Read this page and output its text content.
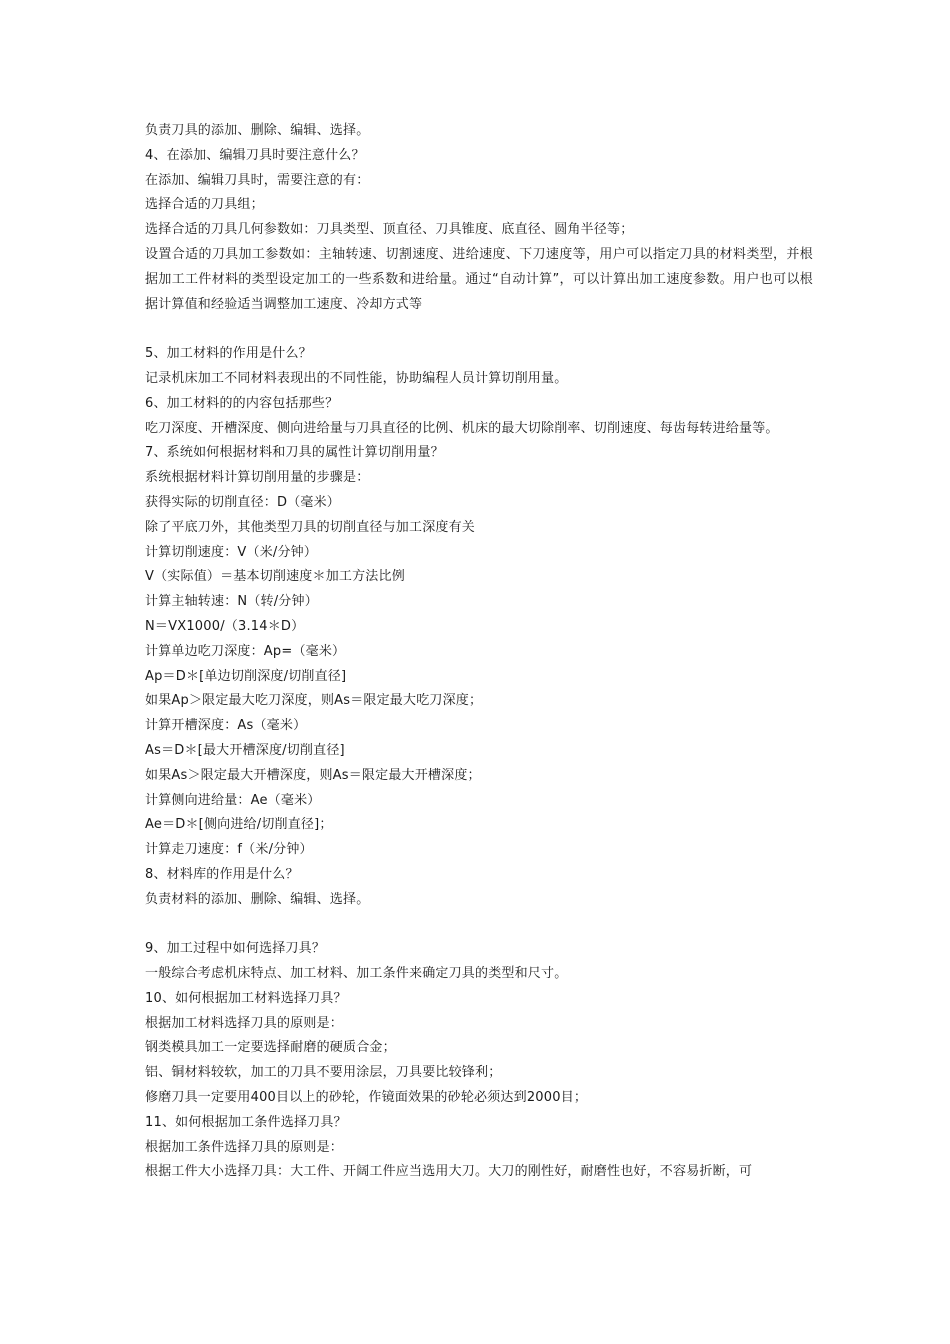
负责刀具的添加、删除、编辑、选择。
4、在添加、编辑刀具时要注意什么？
在添加、编辑刀具时，需要注意的有：
选择合适的刀具组；
选择合适的刀具几何参数如：刀具类型、顶直径、刀具锥度、底直径、圆角半径等；
设置合适的刀具加工参数如：主轴转速、切割速度、进给速度、下刀速度等，用户可以指定刀具的材料类型，并根据加工工件材料的类型设定加工的一些系数和进给量。通过“自动计算”，可以计算出加工速度参数。用户也可以根据计算值和经验适当调整加工速度、冷却方式等
5、加工材料的作用是什么？
记录机床加工不同材料表现出的不同性能，协助编程人员计算切削用量。
6、加工材料的的内容包括那些？
吃刀深度、开槽深度、侧向进给量与刀具直径的比例、机床的最大切除削率、切削速度、每齿每转进给量等。
7、系统如何根据材料和刀具的属性计算切削用量？
系统根据材料计算切削用量的步骤是：
获得实际的切削直径：D（毫米）
除了平底刀外，其他类型刀具的切削直径与加工深度有关
计算切削速度：V（米/分钟）
V（实际值）＝基本切削速度＊加工方法比例
计算主轴转速：N（转/分钟）
N＝VX1000/（3.14＊D）
计算单边吃刀深度：Ap=（毫米）
Ap＝D＊[单边切削深度/切削直径]
如果Ap＞限定最大吃刀深度，则As＝限定最大吃刀深度；
计算开槽深度：As（毫米）
As＝D＊[最大开槽深度/切削直径]
如果As＞限定最大开槽深度，则As＝限定最大开槽深度；
计算侧向进给量：Ae（毫米）
Ae＝D＊[侧向进给/切削直径]；
计算走刀速度：f（米/分钟）
8、材料库的作用是什么？
负责材料的添加、删除、编辑、选择。
9、加工过程中如何选择刀具？
一般综合考虑机床特点、加工材料、加工条件来确定刀具的类型和尺寸。
10、如何根据加工材料选择刀具？
根据加工材料选择刀具的原则是：
钢类模具加工一定要选择耐磨的硬质合金；
铝、铜材料较软，加工的刀具不要用涂层，刀具要比较锋利；
修磨刀具一定要用400目以上的砂轮，作镜面效果的砂轮必须达到2000目；
11、如何根据加工条件选择刀具？
根据加工条件选择刀具的原则是：
根据工件大小选择刀具：大工件、开阔工件应当选用大刀。大刀的刚性好，耐磨性也好，不容易折断，可
